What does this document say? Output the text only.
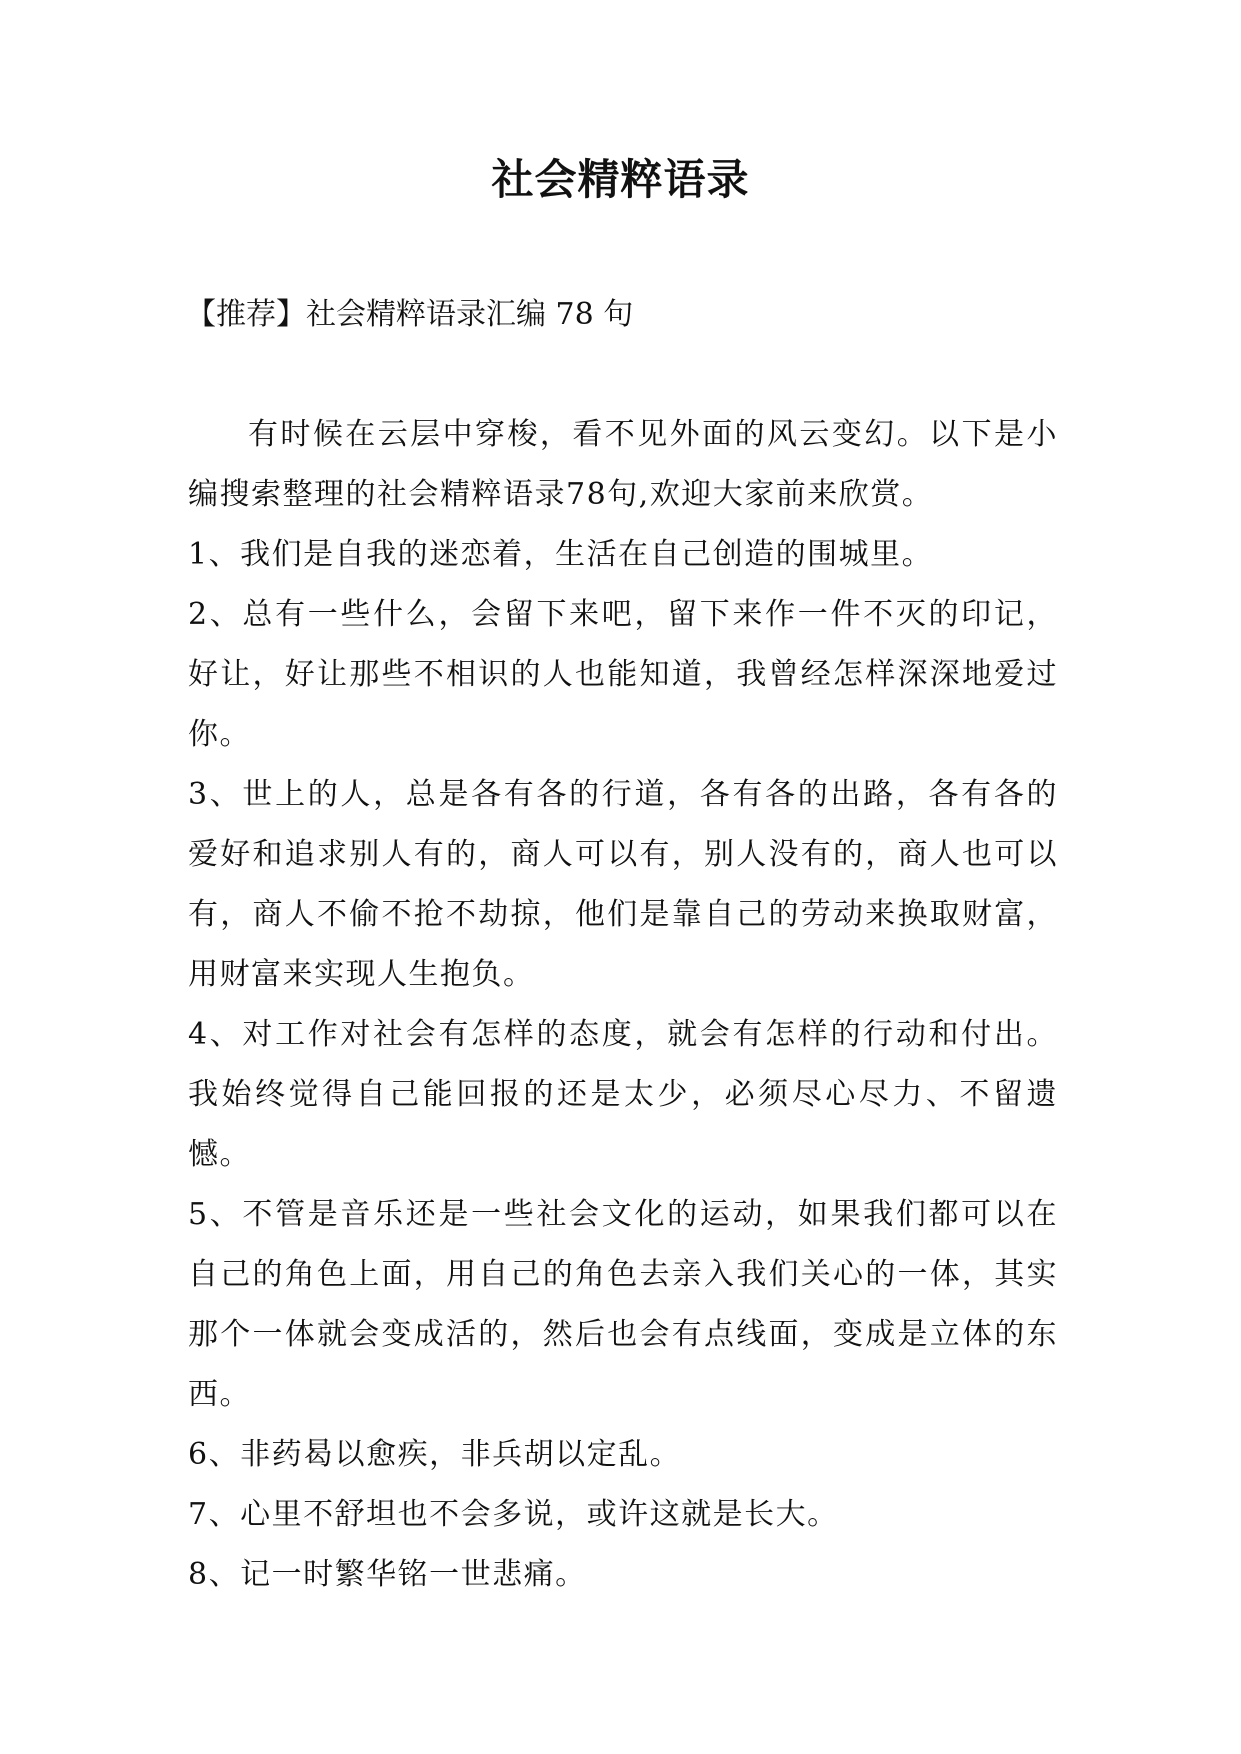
社会精粹语录
【推荐】社会精粹语录汇编 78 句

有时候在云层中穿梭，看不见外面的风云变幻。以下是小编搜索整理的社会精粹语录78句,欢迎大家前来欣赏。

1、我们是自我的迷恋着，生活在自己创造的围城里。

2、总有一些什么，会留下来吧，留下来作一件不灭的印记，好让，好让那些不相识的人也能知道，我曾经怎样深深地爱过你。

3、世上的人，总是各有各的行道，各有各的出路，各有各的爱好和追求别人有的，商人可以有，别人没有的，商人也可以有，商人不偷不抢不劫掠，他们是靠自己的劳动来换取财富，用财富来实现人生抱负。

4、对工作对社会有怎样的态度，就会有怎样的行动和付出。我始终觉得自己能回报的还是太少，必须尽心尽力、不留遗憾。

5、不管是音乐还是一些社会文化的运动，如果我们都可以在自己的角色上面，用自己的角色去亲入我们关心的一体，其实那个一体就会变成活的，然后也会有点线面，变成是立体的东西。

6、非药曷以愈疾，非兵胡以定乱。

7、心里不舒坦也不会多说，或许这就是长大。

8、记一时繁华铭一世悲痛。
